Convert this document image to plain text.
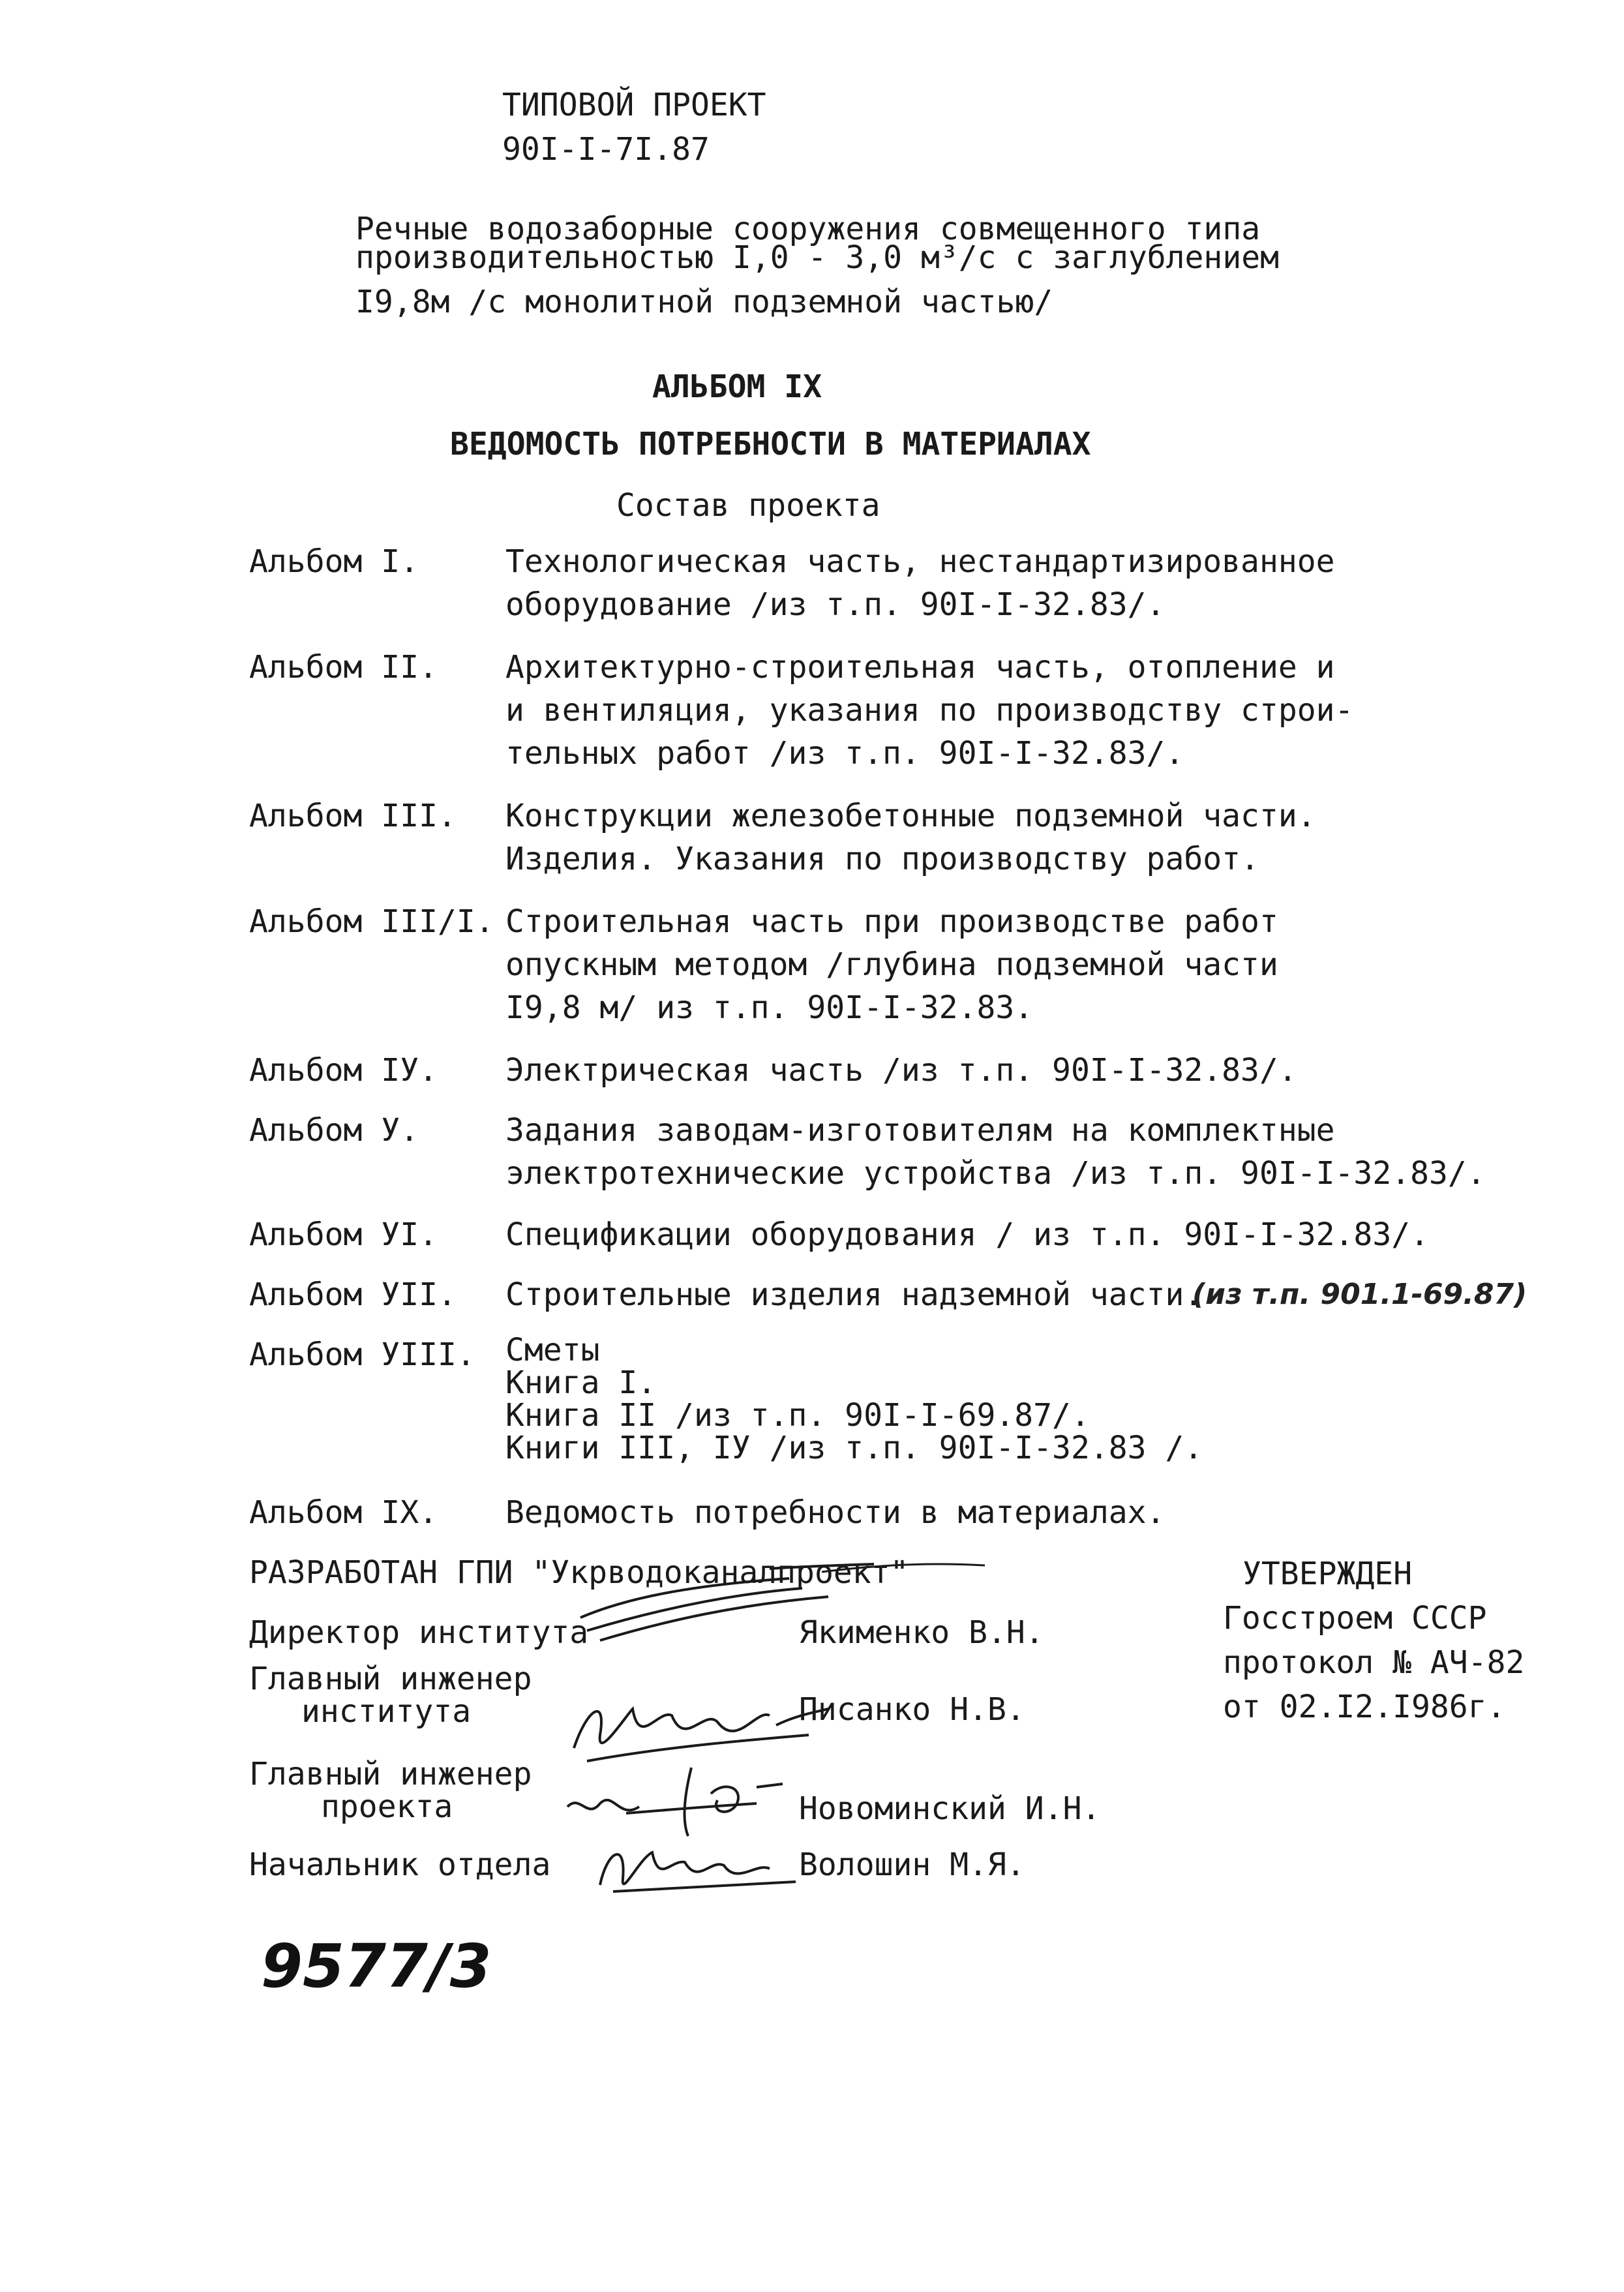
ТИПОВОЙ ПРОЕКТ
90I-I-7I.87
Речные водозаборные сооружения совмещенного типа
производительностью I,0 - 3,0 м³/с с заглублением
I9,8м /с монолитной подземной частью/
АЛЬБОМ IX
ВЕДОМОСТЬ ПОТРЕБНОСТИ В МАТЕРИАЛАХ
Состав проекта
Альбом I.	Технологическая часть, нестандартизированное
оборудование /из т.п. 90I-I-32.83/.
Альбом II. Архитектурно-строительная часть, отопление и
и вентиляция, указания по производству строи-
тельных работ /из т.п. 90I-I-32.83/.
Альбом III. Конструкции железобетонные подземной части.
Изделия. Указания по производству работ.
Альбом III/I. Строительная часть при производстве работ
опускным методом /глубина подземной части
I9,8 м/ из т.п. 90I-I-32.83.
Альбом IУ. Электрическая часть /из т.п. 90I-I-32.83/.
Альбом У.	Задания заводам-изготовителям на комплектные
электротехнические устройства /из т.п. 90I-I-32.83/.
Альбом УI. Спецификации оборудования / из т.п. 90I-I-32.83/.
Альбом УII. Строительные изделия надземной части.
(из т.п. 901.1-69.87)
Альбом УIII. Сметы
Книга I.
Книга II /из т.п. 90I-I-69.87/.
Книги III, IУ /из т.п. 90I-I-32.83 /.
Альбом IX. Ведомость потребности в материалах.
РАЗРАБОТАН ГПИ "Укрводоканалпроект"	УТВЕРЖДЕН
Госстроем СССР
протокол № АЧ-82
от 02.I2.I986г.
Директор института	Якименко В.Н.
Главный инженер
института	Писанко Н.В.
Главный инженер
проекта	Новоминский И.Н.
Начальник отдела	Волошин М.Я.
9577/3
